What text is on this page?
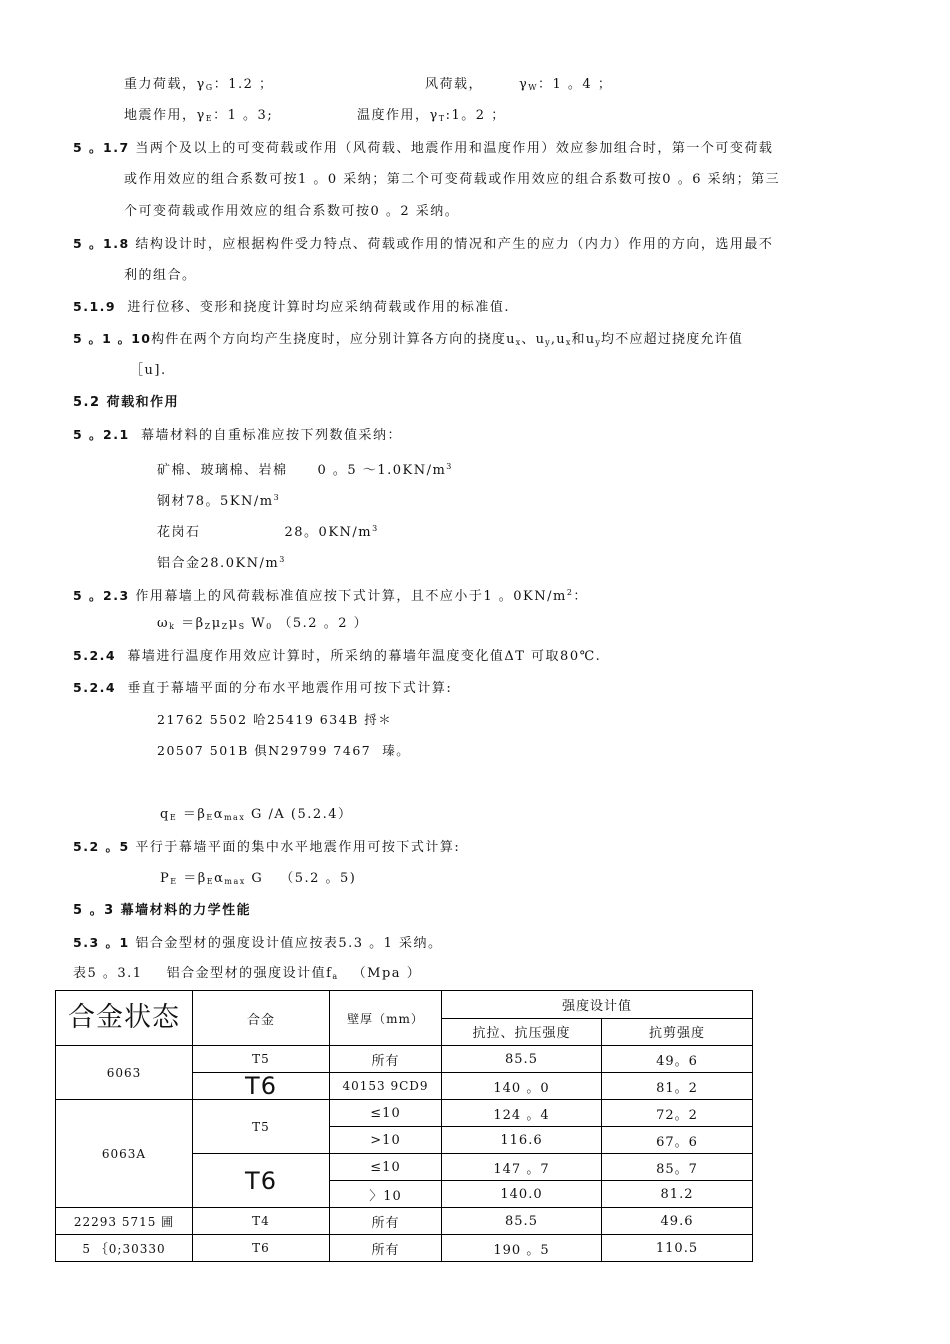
重力荷载，$\gamma_G$：1.2 ；	风荷载，	$\gamma_W$：1 。4 ；
地震作用，$\gamma_E$：1 。3;	温度作用，$\gamma_T:1$。2 ；
5 。1.7 当两个及以上的可变荷载或作用（风荷载、地震作用和温度作用）效应参加组合时，第一个可变荷载
或作用效应的组合系数可按1 。0 采纳；第二个可变荷载或作用效应的组合系数可按0 。6 采纳；第三
个可变荷载或作用效应的组合系数可按0 。2 采纳。
5 。1.8 结构设计时，应根据构件受力特点、荷载或作用的情况和产生的应力（内力）作用的方向，选用最不
利的组合。
5.1.9 进行位移、变形和挠度计算时均应采纳荷载或作用的标准值.
5 。1 。10构件在两个方向均产生挠度时，应分别计算各方向的挠度$u_x$、$u_y,u_x$和$u_y$均不应超过挠度允许值
［u].
5.2 荷载和作用
5 。2.1 幕墙材料的自重标准应按下列数值采纳：
矿棉、玻璃棉、岩棉 0 。5 $\sim 1.0KN/m^3$
钢材78。$5KN/m^3$
花岗石	28。$0KN/m^3$
铝合金$28.0KN/m^3$
5 。2.3 作用幕墙上的风荷载标准值应按下式计算，且不应小于1 。$0KN/m^2$：
$\omega_k =\beta_Z\mu_Z\mu_S$ $W_0$ （5.2 。2 ）
5.2.4 幕墙进行温度作用效应计算时，所采纳的幕墙年温度变化值ΔT 可取80℃.
5.2.4 垂直于幕墙平面的分布水平地震作用可按下式计算:
21762 5502 哈25419 634B 捋＊
20507 501B 俱N29799 7467  瑧。
$q_E =\beta_E\alpha_{max}$ G /A (5.2.4）
5.2 。5 平行于幕墙平面的集中水平地震作用可按下式计算:
$P_E =\beta_E\alpha_{max}$ G   （5.2 。5)
5 。3 幕墙材料的力学性能
5.3 。1 铝合金型材的强度设计值应按表5.3 。1 采纳。
表5 。3.1 铝合金型材的强度设计值$f_a$ （Mpa ）
合金状态	合金	壁厚（mm）	强度设计值	
			抗拉、抗压强度	抗剪强度
6063	T5	所有	85.5	49。6
	T6	40153 9CD9	140 。0	81。2
6063A	T5	≤10	124 。4	72。2
		>10	116.6	67。6
	T6	≤10	147 。7	85。7
		〉10	140.0	81.2
22293 5715 圃	T4	所有	85.5	49.6
5 ｛0;30330	T6	所有	190 。5	110.5
